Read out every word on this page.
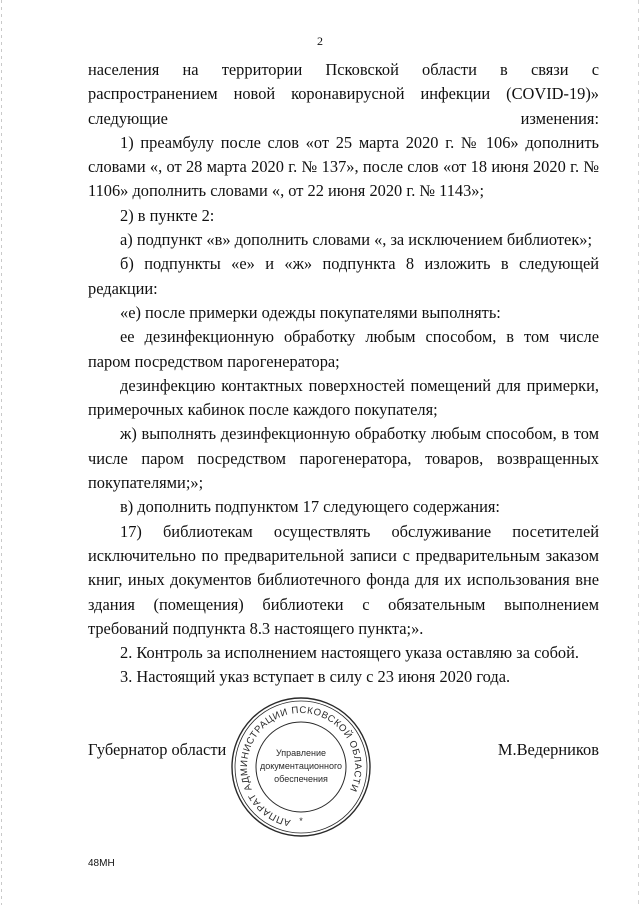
2

населения на территории Псковской области в связи с распространением новой коронавирусной инфекции (COVID-19)» следующие изменения:

1) преамбулу после слов «от 25 марта 2020 г. № 106» дополнить словами «, от 28 марта 2020 г. № 137», после слов «от 18 июня 2020 г. № 1106» дополнить словами «, от 22 июня 2020 г. № 1143»;

2) в пункте 2:

а) подпункт «в» дополнить словами «, за исключением библиотек»;

б) подпункты «е» и «ж» подпункта 8 изложить в следующей редакции:

«е) после примерки одежды покупателями выполнять:

ее дезинфекционную обработку любым способом, в том числе паром посредством парогенератора;

дезинфекцию контактных поверхностей помещений для примерки, примерочных кабинок после каждого покупателя;

ж) выполнять дезинфекционную обработку любым способом, в том числе паром посредством парогенератора, товаров, возвращенных покупателями;»;

в) дополнить подпунктом 17 следующего содержания:

17) библиотекам осуществлять обслуживание посетителей исключительно по предварительной записи с предварительным заказом книг, иных документов библиотечного фонда для их использования вне здания (помещения) библиотеки с обязательным выполнением требований подпункта 8.3 настоящего пункта;».

2. Контроль за исполнением настоящего указа оставляю за собой.

3. Настоящий указ вступает в силу с 23 июня 2020 года.

Губернатор области	М.Ведерников
АППАРАТ АДМИНИСТРАЦИИ ПСКОВСКОЙ ОБЛАСТИ
Управление
документационного
обеспечения
*
48МН
